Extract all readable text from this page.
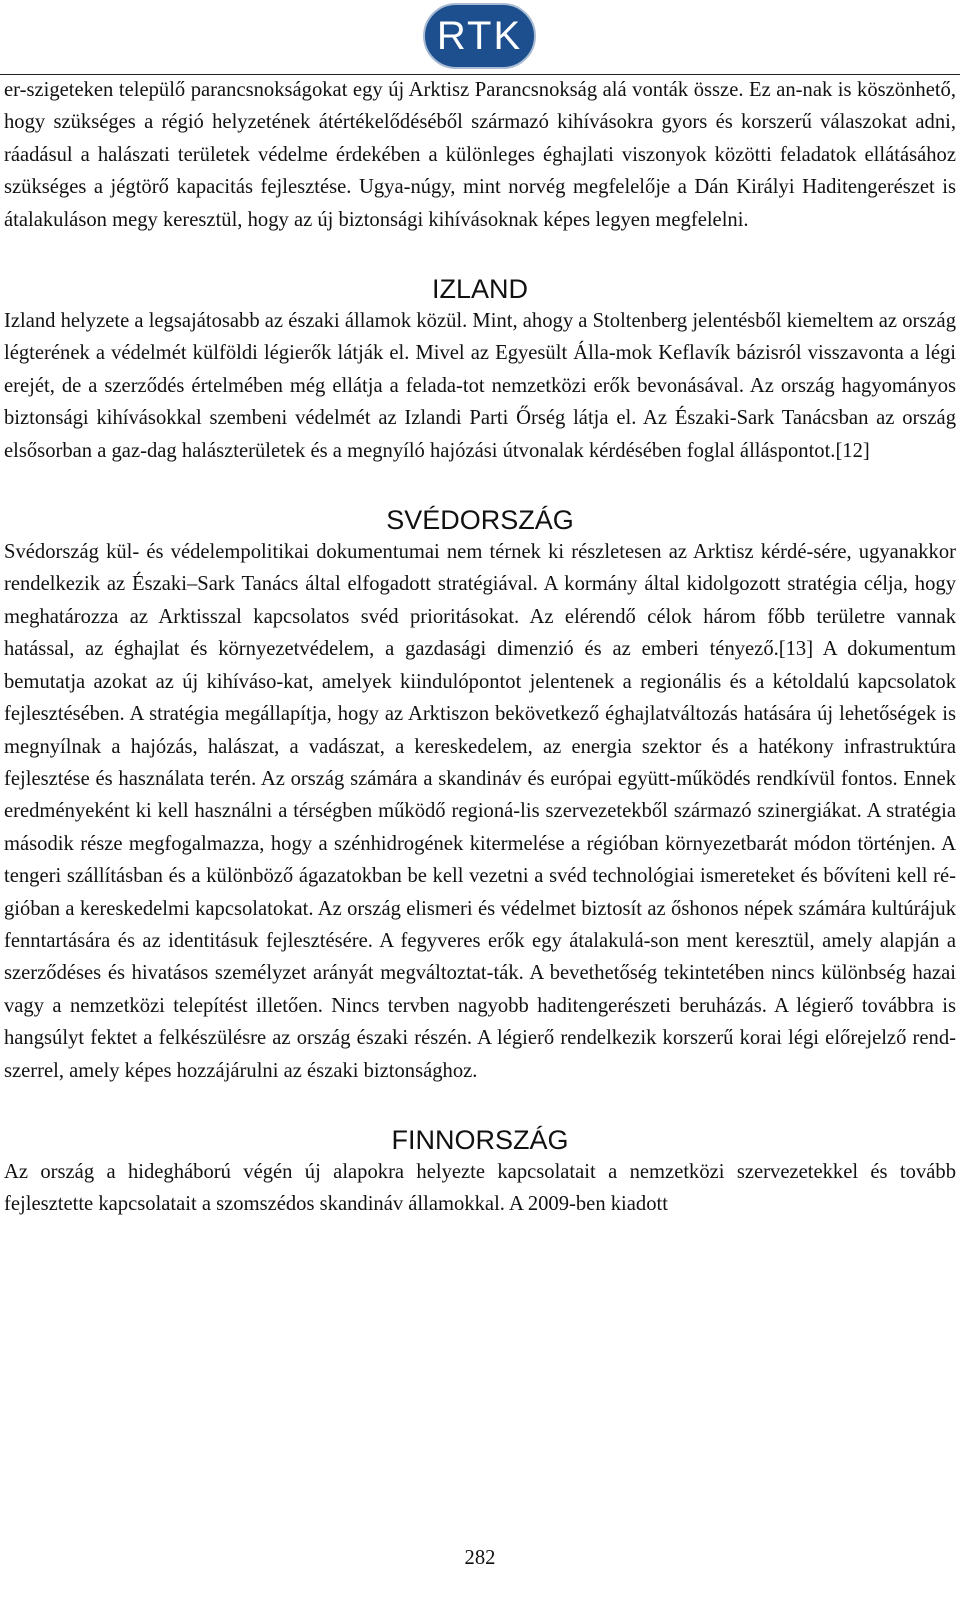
RTK

er-szigeteken települő parancsnokságokat egy új Arktisz Parancsnokság alá vonták össze. Ez an-nak is köszönhető, hogy szükséges a régió helyzetének átértékelődéséből származó kihívásokra gyors és korszerű válaszokat adni, ráadásul a halászati területek védelme érdekében a különleges éghajlati viszonyok közötti feladatok ellátásához szükséges a jégtörő kapacitás fejlesztése. Ugya-núgy, mint norvég megfelelője a Dán Királyi Haditengerészet is átalakuláson megy keresztül, hogy az új biztonsági kihívásoknak képes legyen megfelelni.

IZLAND

Izland helyzete a legsajátosabb az északi államok közül. Mint, ahogy a Stoltenberg jelentésből kiemeltem az ország légterének a védelmét külföldi légierők látják el. Mivel az Egyesült Álla-mok Keflavík bázisról visszavonta a légi erejét, de a szerződés értelmében még ellátja a felada-tot nemzetközi erők bevonásával. Az ország hagyományos biztonsági kihívásokkal szembeni védelmét az Izlandi Parti Őrség látja el. Az Északi-Sark Tanácsban az ország elsősorban a gaz-dag halászterületek és a megnyíló hajózási útvonalak kérdésében foglal álláspontot.[12]

SVÉDORSZÁG

Svédország kül- és védelempolitikai dokumentumai nem térnek ki részletesen az Arktisz kérdé-sére, ugyanakkor rendelkezik az Északi–Sark Tanács által elfogadott stratégiával. A kormány által kidolgozott stratégia célja, hogy meghatározza az Arktisszal kapcsolatos svéd prioritásokat. Az elérendő célok három főbb területre vannak hatással, az éghajlat és környezetvédelem, a gazdasági dimenzió és az emberi tényező.[13] A dokumentum bemutatja azokat az új kihíváso-kat, amelyek kiindulópontot jelentenek a regionális és a kétoldalú kapcsolatok fejlesztésében. A stratégia megállapítja, hogy az Arktiszon bekövetkező éghajlatváltozás hatására új lehetőségek is megnyílnak a hajózás, halászat, a vadászat, a kereskedelem, az energia szektor és a hatékony infrastruktúra fejlesztése és használata terén. Az ország számára a skandináv és európai együtt-működés rendkívül fontos. Ennek eredményeként ki kell használni a térségben működő regioná-lis szervezetekből származó szinergiákat. A stratégia második része megfogalmazza, hogy a szénhidrogének kitermelése a régióban környezetbarát módon történjen. A tengeri szállításban és a különböző ágazatokban be kell vezetni a svéd technológiai ismereteket és bővíteni kell ré-gióban a kereskedelmi kapcsolatokat. Az ország elismeri és védelmet biztosít az őshonos népek számára kultúrájuk fenntartására és az identitásuk fejlesztésére. A fegyveres erők egy átalakulá-son ment keresztül, amely alapján a szerződéses és hivatásos személyzet arányát megváltoztat-ták. A bevethetőség tekintetében nincs különbség hazai vagy a nemzetközi telepítést illetően. Nincs tervben nagyobb haditengerészeti beruházás. A légierő továbbra is hangsúlyt fektet a felkészülésre az ország északi részén. A légierő rendelkezik korszerű korai légi előrejelző rend-szerrel, amely képes hozzájárulni az északi biztonsághoz.

FINNORSZÁG

Az ország a hidegháború végén új alapokra helyezte kapcsolatait a nemzetközi szervezetekkel és tovább fejlesztette kapcsolatait a szomszédos skandináv államokkal. A 2009-ben kiadott

282
